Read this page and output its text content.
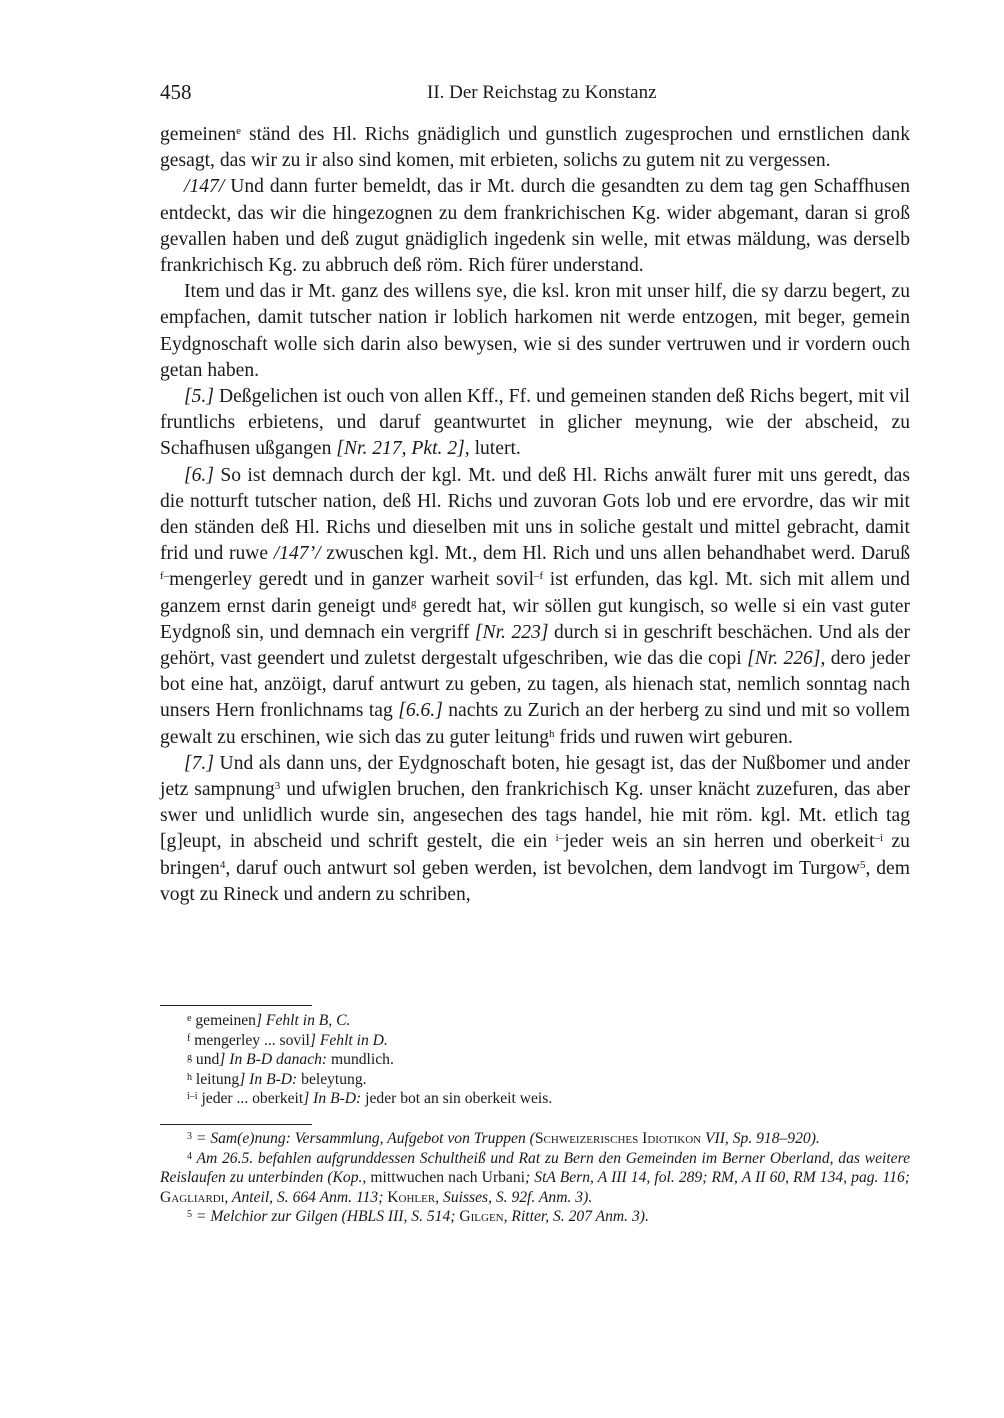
458	II. Der Reichstag zu Konstanz

gemeinen$^e$ ständ des Hl. Richs gnädiglich und gunstlich zugesprochen und ernstlichen dank gesagt, das wir zu ir also sind komen, mit erbieten, solichs zu gutem nit zu vergessen.

/147/ Und dann furter bemeldt, das ir Mt. durch die gesandten zu dem tag gen Schaffhusen entdeckt, das wir die hingezognen zu dem frankrichischen Kg. wider abgemant, daran si groß gevallen haben und deß zugut gnädiglich ingedenk sin welle, mit etwas mäldung, was derselb frankrichisch Kg. zu abbruch deß röm. Rich fürer understand.

Item und das ir Mt. ganz des willens sye, die ksl. kron mit unser hilf, die sy darzu begert, zu empfachen, damit tutscher nation ir loblich harkomen nit werde entzogen, mit beger, gemein Eydgnoschaft wolle sich darin also bewysen, wie si des sunder vertruwen und ir vordern ouch getan haben.

[5.] Deßgelichen ist ouch von allen Kff., Ff. und gemeinen standen deß Richs begert, mit vil fruntlichs erbietens, und daruf geantwurtet in glicher meynung, wie der abscheid, zu Schafhusen ußgangen [Nr. 217, Pkt. 2], lutert.

[6.] So ist demnach durch der kgl. Mt. und deß Hl. Richs anwält furer mit uns geredt, das die notturft tutscher nation, deß Hl. Richs und zuvoran Gots lob und ere ervordre, das wir mit den ständen deß Hl. Richs und dieselben mit uns in soliche gestalt und mittel gebracht, damit frid und ruwe /147’/ zwuschen kgl. Mt., dem Hl. Rich und uns allen behandhabet werd. Daruß $^{f-}$mengerley geredt und in ganzer warheit sovil$^{-f}$ ist erfunden, das kgl. Mt. sich mit allem und ganzem ernst darin geneigt und$^g$ geredt hat, wir söllen gut kungisch, so welle si ein vast guter Eydgnoß sin, und demnach ein vergriff [Nr. 223] durch si in geschrift beschächen. Und als der gehört, vast geendert und zuletst dergestalt ufgeschriben, wie das die copi [Nr. 226], dero jeder bot eine hat, anzöigt, daruf antwurt zu geben, zu tagen, als hienach stat, nemlich sonntag nach unsers Hern fronlichnams tag [6.6.] nachts zu Zurich an der herberg zu sind und mit so vollem gewalt zu erschinen, wie sich das zu guter leitung$^h$ frids und ruwen wirt geburen.

[7.] Und als dann uns, der Eydgnoschaft boten, hie gesagt ist, das der Nußbomer und ander jetz sampnung$^3$ und ufwiglen bruchen, den frankrichisch Kg. unser knächt zuzefuren, das aber swer und unlidlich wurde sin, angesechen des tags handel, hie mit röm. kgl. Mt. etlich tag [g]eupt, in abscheid und schrift gestelt, die ein $^{i-}$jeder weis an sin herren und oberkeit$^{-i}$ zu bringen$^4$, daruf ouch antwurt sol geben werden, ist bevolchen, dem landvogt im Turgow$^5$, dem vogt zu Rineck und andern zu schriben,

$^e$ gemeinen] Fehlt in B, C.

$^f$ mengerley ... sovil] Fehlt in D.

$^g$ und] In B-D danach: mundlich.

$^h$ leitung] In B-D: beleytung.

$^{i-i}$ jeder ... oberkeit] In B-D: jeder bot an sin oberkeit weis.

$^3$ = Sam(e)nung: Versammlung, Aufgebot von Truppen (Schweizerisches Idiotikon VII, Sp. 918–920).

$^4$ Am 26.5. befahlen aufgrunddessen Schultheiß und Rat zu Bern den Gemeinden im Berner Oberland, das weitere Reislaufen zu unterbinden (Kop., mittwuchen nach Urbani; StA Bern, A III 14, fol. 289; RM, A II 60, RM 134, pag. 116; Gagliardi, Anteil, S. 664 Anm. 113; Kohler, Suisses, S. 92f. Anm. 3).

$^5$ = Melchior zur Gilgen (HBLS III, S. 514; Gilgen, Ritter, S. 207 Anm. 3).
